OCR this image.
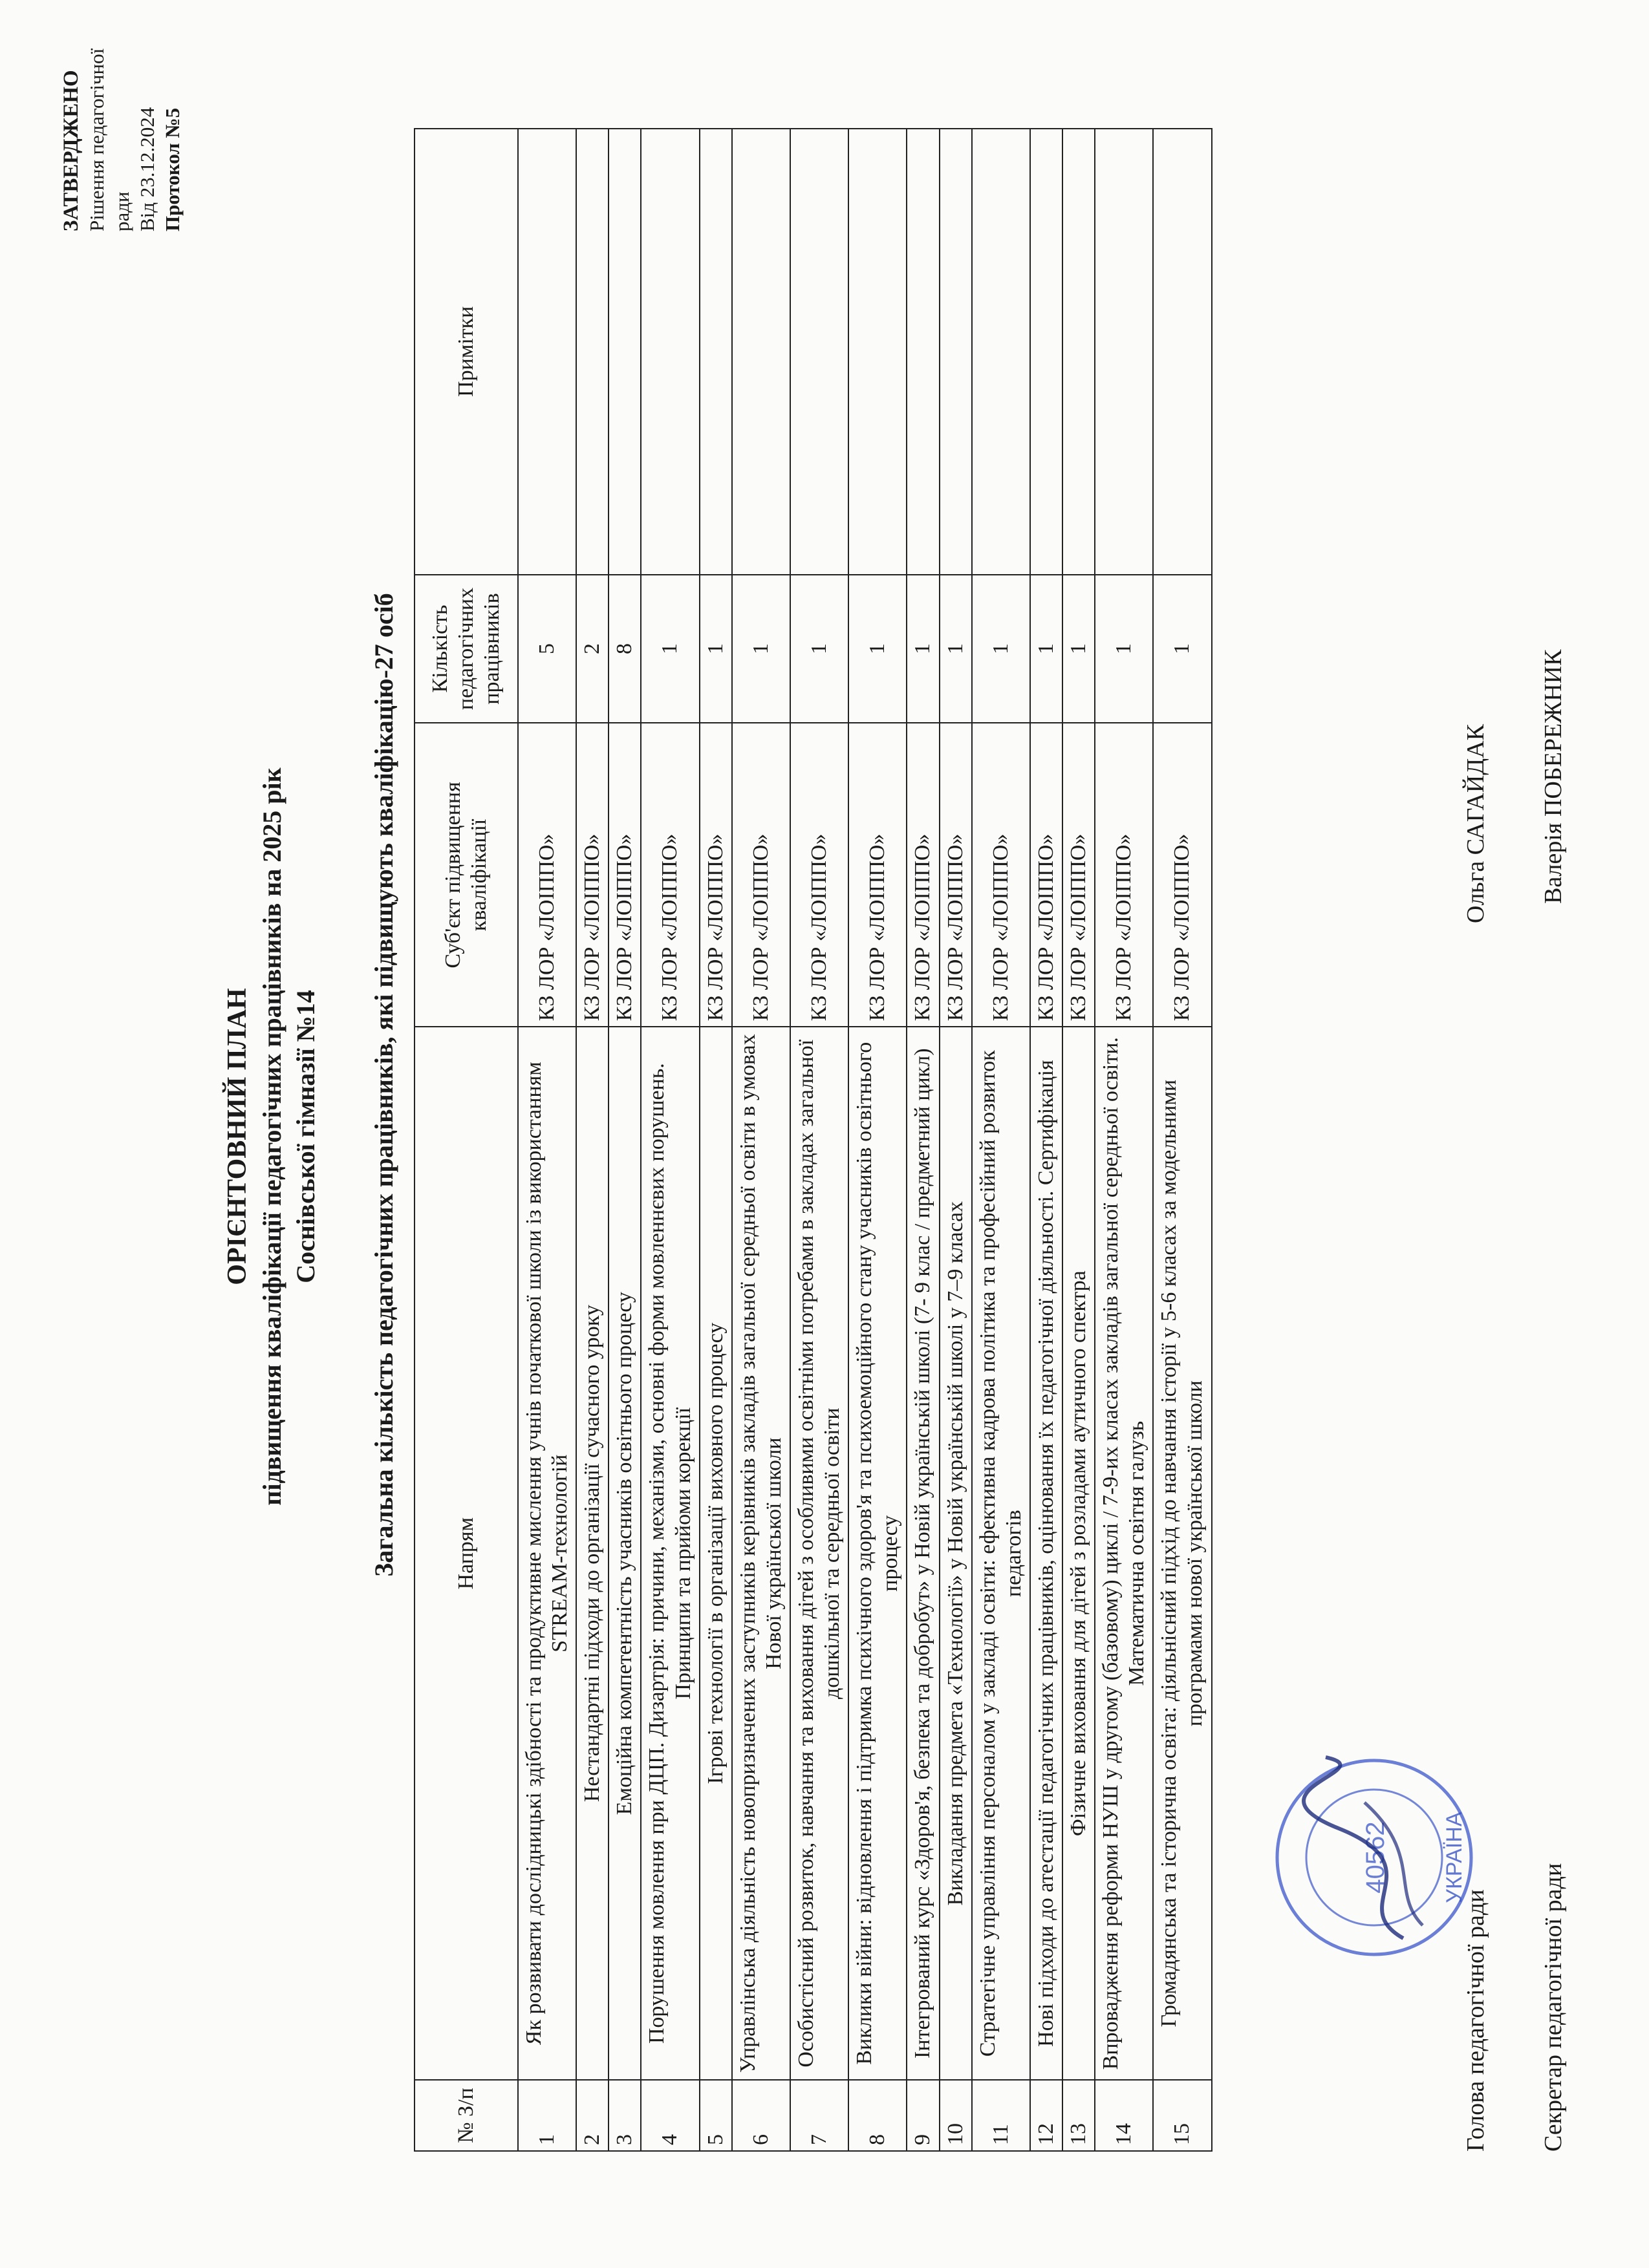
ЗАТВЕРДЖЕНО Рішення педагогічної ради Від 23.12.2024 Протокол №5
ОРІЄНТОВНИЙ ПЛАН підвищення кваліфікації педагогічних працівників на 2025 рік Соснівської гімназії №14 Загальна кількість педагогічних працівників, які підвищують кваліфікацію-27 осіб
№ З/п	Напрям	Суб'єкт підвищення кваліфікації	Кількість педагогічних працівників	Примітки
1	Як розвивати дослідницькі здібності та продуктивне мислення учнів початкової школи із використанням STREAM-технологій	КЗ ЛОР «ЛОІППО»	5	
2	Нестандартні підходи до організації сучасного уроку	КЗ ЛОР «ЛОІППО»	2	
3	Емоційна компетентність учасників освітнього процесу	КЗ ЛОР «ЛОІППО»	8	
4	Порушення мовлення при ДЦП. Дизартрія: причини, механізми, основні форми мовленнєвих порушень. Принципи та прийоми корекції	КЗ ЛОР «ЛОІППО»	1	
5	Ігрові технології в організації виховного процесу	КЗ ЛОР «ЛОІППО»	1	
6	Управлінська діяльність новопризначених заступників керівників закладів загальної середньої освіти в умовах Нової української школи	КЗ ЛОР «ЛОІППО»	1	
7	Особистісний розвиток, навчання та виховання дітей з особливими освітніми потребами в закладах загальної дошкільної та середньої освіти	КЗ ЛОР «ЛОІППО»	1	
8	Виклики війни: відновлення і підтримка психічного здоров'я та психоемоційного стану учасників освітнього процесу	КЗ ЛОР «ЛОІППО»	1	
9	Інтегрований курс «Здоров'я, безпека та добробут» у Новій українській школі (7- 9 клас / предметний цикл)	КЗ ЛОР «ЛОІППО»	1	
10	Викладання предмета «Технології» у Новій українській школі у 7–9 класах	КЗ ЛОР «ЛОІППО»	1	
11	Стратегічне управління персоналом у закладі освіти: ефективна кадрова політика та професійний розвиток педагогів	КЗ ЛОР «ЛОІППО»	1	
12	Нові підходи до атестації педагогічних працівників, оцінювання їх педагогічної діяльності. Сертифікація	КЗ ЛОР «ЛОІППО»	1	
13	Фізичне виховання для дітей з розладами аутичного спектра	КЗ ЛОР «ЛОІППО»	1	
14	Впровадження реформи НУШ у другому (базовому) циклі / 7-9-их класах закладів загальної середньої освіти. Математична освітня галузь	КЗ ЛОР «ЛОІППО»	1	
15	Громадянська та історична освіта: діяльнісний підхід до навчання історії у 5-6 класах за модельними програмами нової української школи	КЗ ЛОР «ЛОІППО»	1	
Голова педагогічної ради
Ольга САГАЙДАК
Секретар педагогічної ради
Валерія ПОБЕРЕЖНИК
УКРАЇНА
40562
